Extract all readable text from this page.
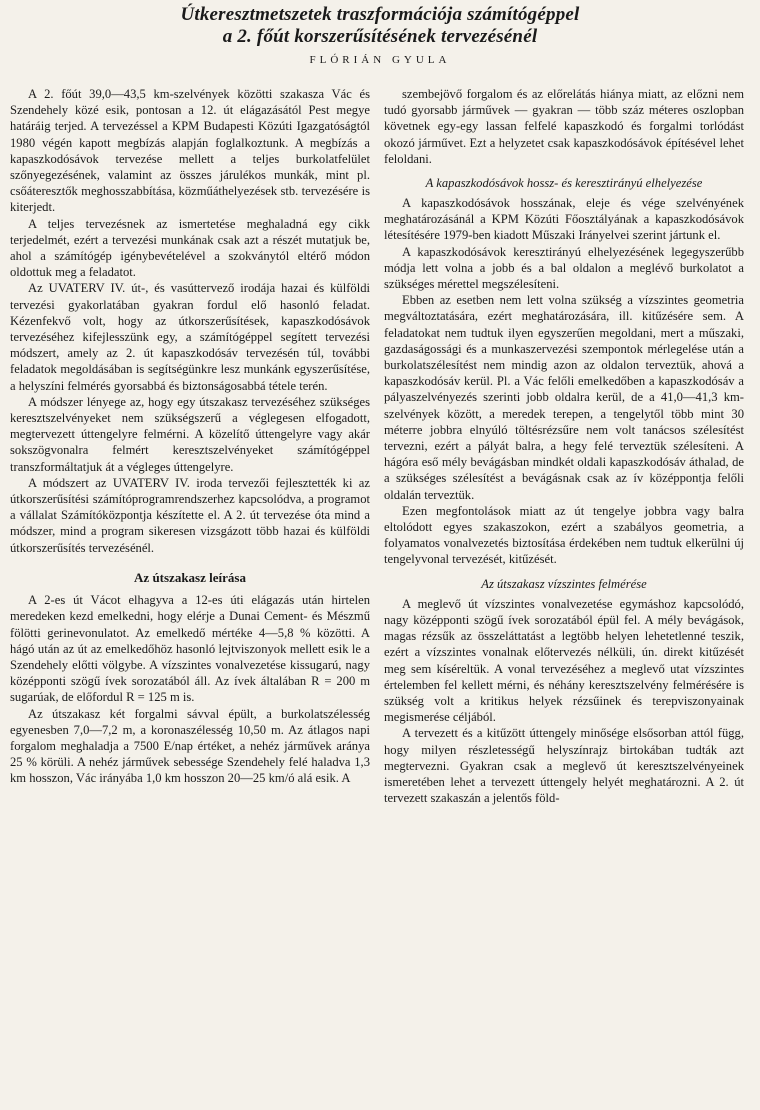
Útkeresztmetszetek traszformációja számítógéppel
a 2. főút korszerűsítésének tervezésénél

FLÓRIÁN GYULA

A 2. főút 39,0—43,5 km-szelvények közötti szakasza Vác és Szendehely közé esik, pontosan a 12. út elágazásától Pest megye határáig terjed. A tervezéssel a KPM Budapesti Közúti Igazgatóságtól 1980 végén kapott megbízás alapján foglalkoztunk. A megbízás a kapaszkodósávok tervezése mellett a teljes burkolatfelület szőnyegezésének, valamint az összes járulékos munkák, mint pl. csőáteresztők meghosszabbítása, közműáthelyezések stb. tervezésére is kiterjedt.

A teljes tervezésnek az ismertetése meghaladná egy cikk terjedelmét, ezért a tervezési munkának csak azt a részét mutatjuk be, ahol a számítógép igénybevételével a szokványtól eltérő módon oldottuk meg a feladatot.

Az UVATERV IV. út-, és vasúttervező irodája hazai és külföldi tervezési gyakorlatában gyakran fordul elő hasonló feladat. Kézenfekvő volt, hogy az útkorszerűsítések, kapaszkodósávok tervezéséhez kifejlesszünk egy, a számítógéppel segített tervezési módszert, amely az 2. út kapaszkodósáv tervezésén túl, további feladatok megoldásában is segítségünkre lesz munkánk egyszerűsítése, a helyszíni felmérés gyorsabbá és biztonságosabbá tétele terén.

A módszer lényege az, hogy egy útszakasz tervezéséhez szükséges keresztszelvényeket nem szükségszerű a véglegesen elfogadott, megtervezett úttengelyre felmérni. A közelítő úttengelyre vagy akár sokszögvonalra felmért keresztszelvényeket számítógéppel transzformáltatjuk át a végleges úttengelyre.

A módszert az UVATERV IV. iroda tervezői fejlesztették ki az útkorszerűsítési számítóprogramrendszerhez kapcsolódva, a programot a vállalat Számítóközpontja készítette el. A 2. út tervezése óta mind a módszer, mind a program sikeresen vizsgázott több hazai és külföldi útkorszerűsítés tervezésénél.

Az útszakasz leírása

A 2-es út Vácot elhagyva a 12-es úti elágazás után hirtelen meredeken kezd emelkedni, hogy elérje a Dunai Cement- és Mészmű fölötti gerinevonulatot. Az emelkedő mértéke 4—5,8 % közötti. A hágó után az út az emelkedőhöz hasonló lejtviszonyok mellett esik le a Szendehely előtti völgybe. A vízszintes vonalvezetése kissugarú, nagy középponti szögű ívek sorozatából áll. Az ívek általában R = 200 m sugarúak, de előfordul R = 125 m is.

Az útszakasz két forgalmi sávval épült, a burkolatszélesség egyenesben 7,0—7,2 m, a koronaszélesség 10,50 m. Az átlagos napi forgalom meghaladja a 7500 E/nap értéket, a nehéz járművek aránya 25 % körüli. A nehéz járművek sebessége Szendehely felé haladva 1,3 km hosszon, Vác irányába 1,0 km hosszon 20—25 km/ó alá esik. A

szembejövő forgalom és az előrelátás hiánya miatt, az előzni nem tudó gyorsabb járművek — gyakran — több száz méteres oszlopban követnek egy-egy lassan felfelé kapaszkodó és forgalmi torlódást okozó járművet. Ezt a helyzetet csak kapaszkodósávok építésével lehet feloldani.

A kapaszkodósávok hossz- és keresztirányú elhelyezése

A kapaszkodósávok hosszának, eleje és vége szelvényének meghatározásánál a KPM Közúti Főosztályának a kapaszkodósávok létesítésére 1979-ben kiadott Műszaki Irányelvei szerint jártunk el.

A kapaszkodósávok keresztirányú elhelyezésének legegyszerűbb módja lett volna a jobb és a bal oldalon a meglévő burkolatot a szükséges mérettel megszélesíteni.

Ebben az esetben nem lett volna szükség a vízszintes geometria megváltoztatására, ezért meghatározására, ill. kitűzésére sem. A feladatokat nem tudtuk ilyen egyszerűen megoldani, mert a műszaki, gazdaságossági és a munkaszervezési szempontok mérlegelése után a burkolatszélesítést nem mindig azon az oldalon terveztük, ahová a kapaszkodósáv kerül. Pl. a Vác felőli emelkedőben a kapaszkodósáv a pályaszelvényezés szerinti jobb oldalra kerül, de a 41,0—41,3 km-szelvények között, a meredek terepen, a tengelytől több mint 30 méterre jobbra elnyúló töltésrézsűre nem volt tanácsos szélesítést tervezni, ezért a pályát balra, a hegy felé terveztük szélesíteni. A hágóra eső mély bevágásban mindkét oldali kapaszkodósáv áthalad, de a szükséges szélesítést a bevágásnak csak az ív középpontja felőli oldalán terveztük.

Ezen megfontolások miatt az út tengelye jobbra vagy balra eltolódott egyes szakaszokon, ezért a szabályos geometria, a folyamatos vonalvezetés biztosítása érdekében nem tudtuk elkerülni új tengelyvonal tervezését, kitűzését.

Az útszakasz vízszintes felmérése

A meglevő út vízszintes vonalvezetése egymáshoz kapcsolódó, nagy középponti szögű ívek sorozatából épül fel. A mély bevágások, magas rézsűk az összeláttatást a legtöbb helyen lehetetlenné teszik, ezért a vízszintes vonalnak előtervezés nélküli, ún. direkt kitűzését meg sem kíséreltük. A vonal tervezéséhez a meglevő utat vízszintes értelemben fel kellett mérni, és néhány keresztszelvény felmérésére is szükség volt a kritikus helyek rézsűinek és terepviszonyainak megismerése céljából.

A tervezett és a kitűzött úttengely minősége elsősorban attól függ, hogy milyen részletességű helyszínrajz birtokában tudták azt megtervezni. Gyakran csak a meglevő út keresztszelvényeinek ismeretében lehet a tervezett úttengely helyét meghatározni. A 2. út tervezett szakaszán a jelentős föld-
